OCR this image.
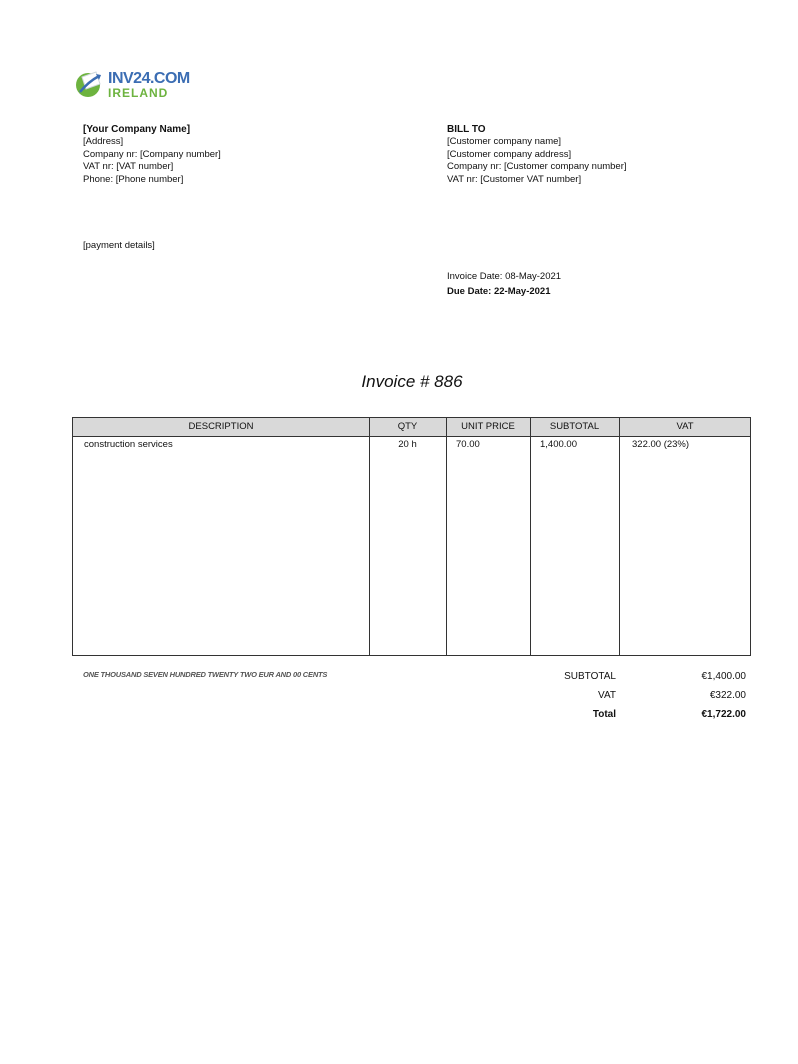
INV24.COM
IRELAND
[Your Company Name]
[Address]
Company nr: [Company number]
VAT nr: [VAT number]
Phone: [Phone number]
BILL TO
[Customer company name]
[Customer company address]
Company nr: [Customer company number]
VAT nr: [Customer VAT number]
[payment details]
Invoice Date: 08-May-2021
Due Date: 22-May-2021
Invoice # 886
DESCRIPTION	QTY	UNIT PRICE	SUBTOTAL	VAT
construction services	20 h	70.00	1,400.00	322.00 (23%)
ONE THOUSAND SEVEN HUNDRED TWENTY TWO EUR AND 00 CENTS	SUBTOTAL	€1,400.00
VAT	€322.00
Total	€1,722.00
